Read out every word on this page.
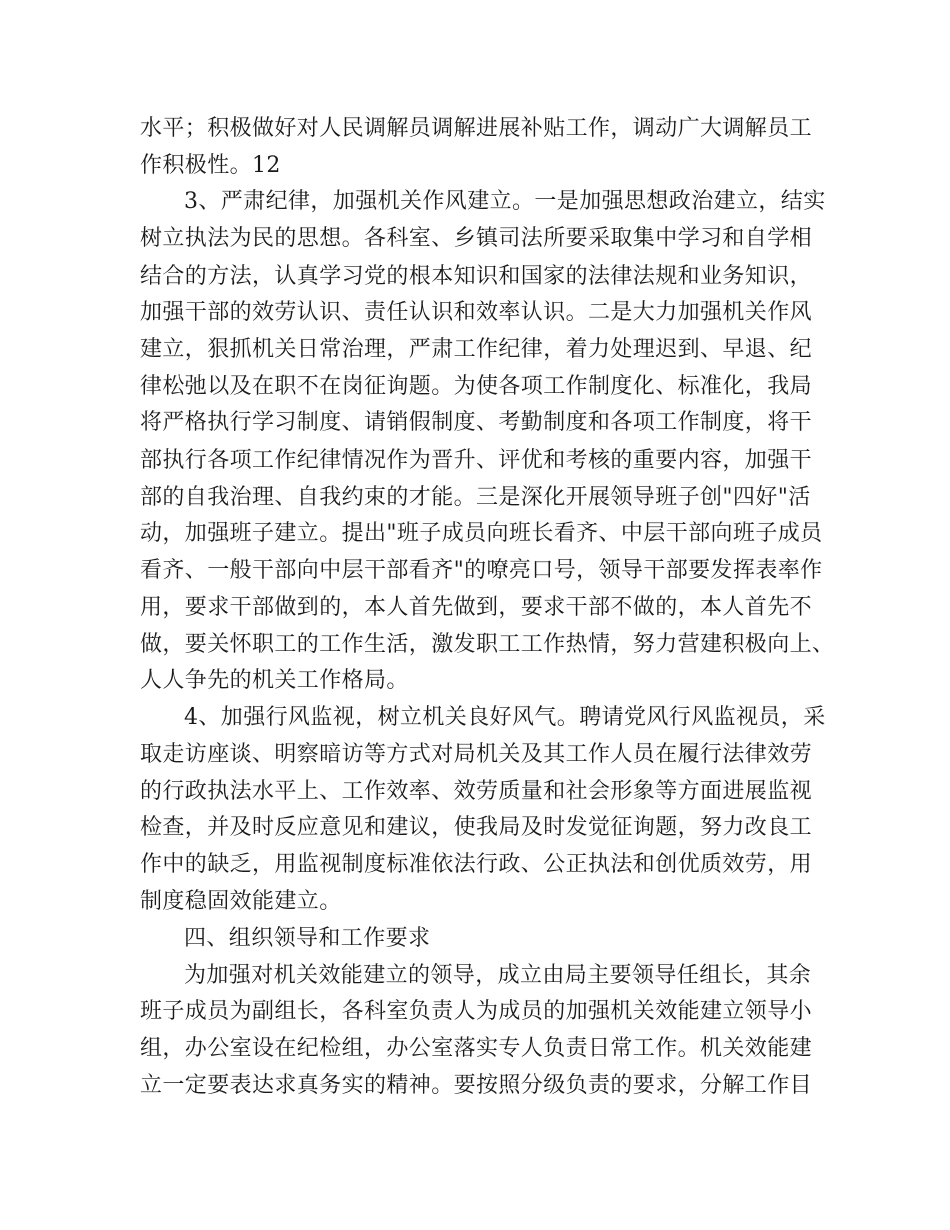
水平；积极做好对人民调解员调解进展补贴工作，调动广大调解员工
作积极性。12
3、严肃纪律，加强机关作风建立。一是加强思想政治建立，结实
树立执法为民的思想。各科室、乡镇司法所要采取集中学习和自学相
结合的方法，认真学习党的根本知识和国家的法律法规和业务知识，
加强干部的效劳认识、责任认识和效率认识。二是大力加强机关作风
建立，狠抓机关日常治理，严肃工作纪律，着力处理迟到、早退、纪
律松弛以及在职不在岗征询题。为使各项工作制度化、标准化，我局
将严格执行学习制度、请销假制度、考勤制度和各项工作制度，将干
部执行各项工作纪律情况作为晋升、评优和考核的重要内容，加强干
部的自我治理、自我约束的才能。三是深化开展领导班子创"四好"活
动，加强班子建立。提出"班子成员向班长看齐、中层干部向班子成员
看齐、一般干部向中层干部看齐"的嘹亮口号，领导干部要发挥表率作
用，要求干部做到的，本人首先做到，要求干部不做的，本人首先不
做，要关怀职工的工作生活，激发职工工作热情，努力营建积极向上、
人人争先的机关工作格局。
4、加强行风监视，树立机关良好风气。聘请党风行风监视员，采
取走访座谈、明察暗访等方式对局机关及其工作人员在履行法律效劳
的行政执法水平上、工作效率、效劳质量和社会形象等方面进展监视
检查，并及时反应意见和建议，使我局及时发觉征询题，努力改良工
作中的缺乏，用监视制度标准依法行政、公正执法和创优质效劳，用
制度稳固效能建立。
四、组织领导和工作要求
为加强对机关效能建立的领导，成立由局主要领导任组长，其余
班子成员为副组长，各科室负责人为成员的加强机关效能建立领导小
组，办公室设在纪检组，办公室落实专人负责日常工作。机关效能建
立一定要表达求真务实的精神。要按照分级负责的要求，分解工作目
